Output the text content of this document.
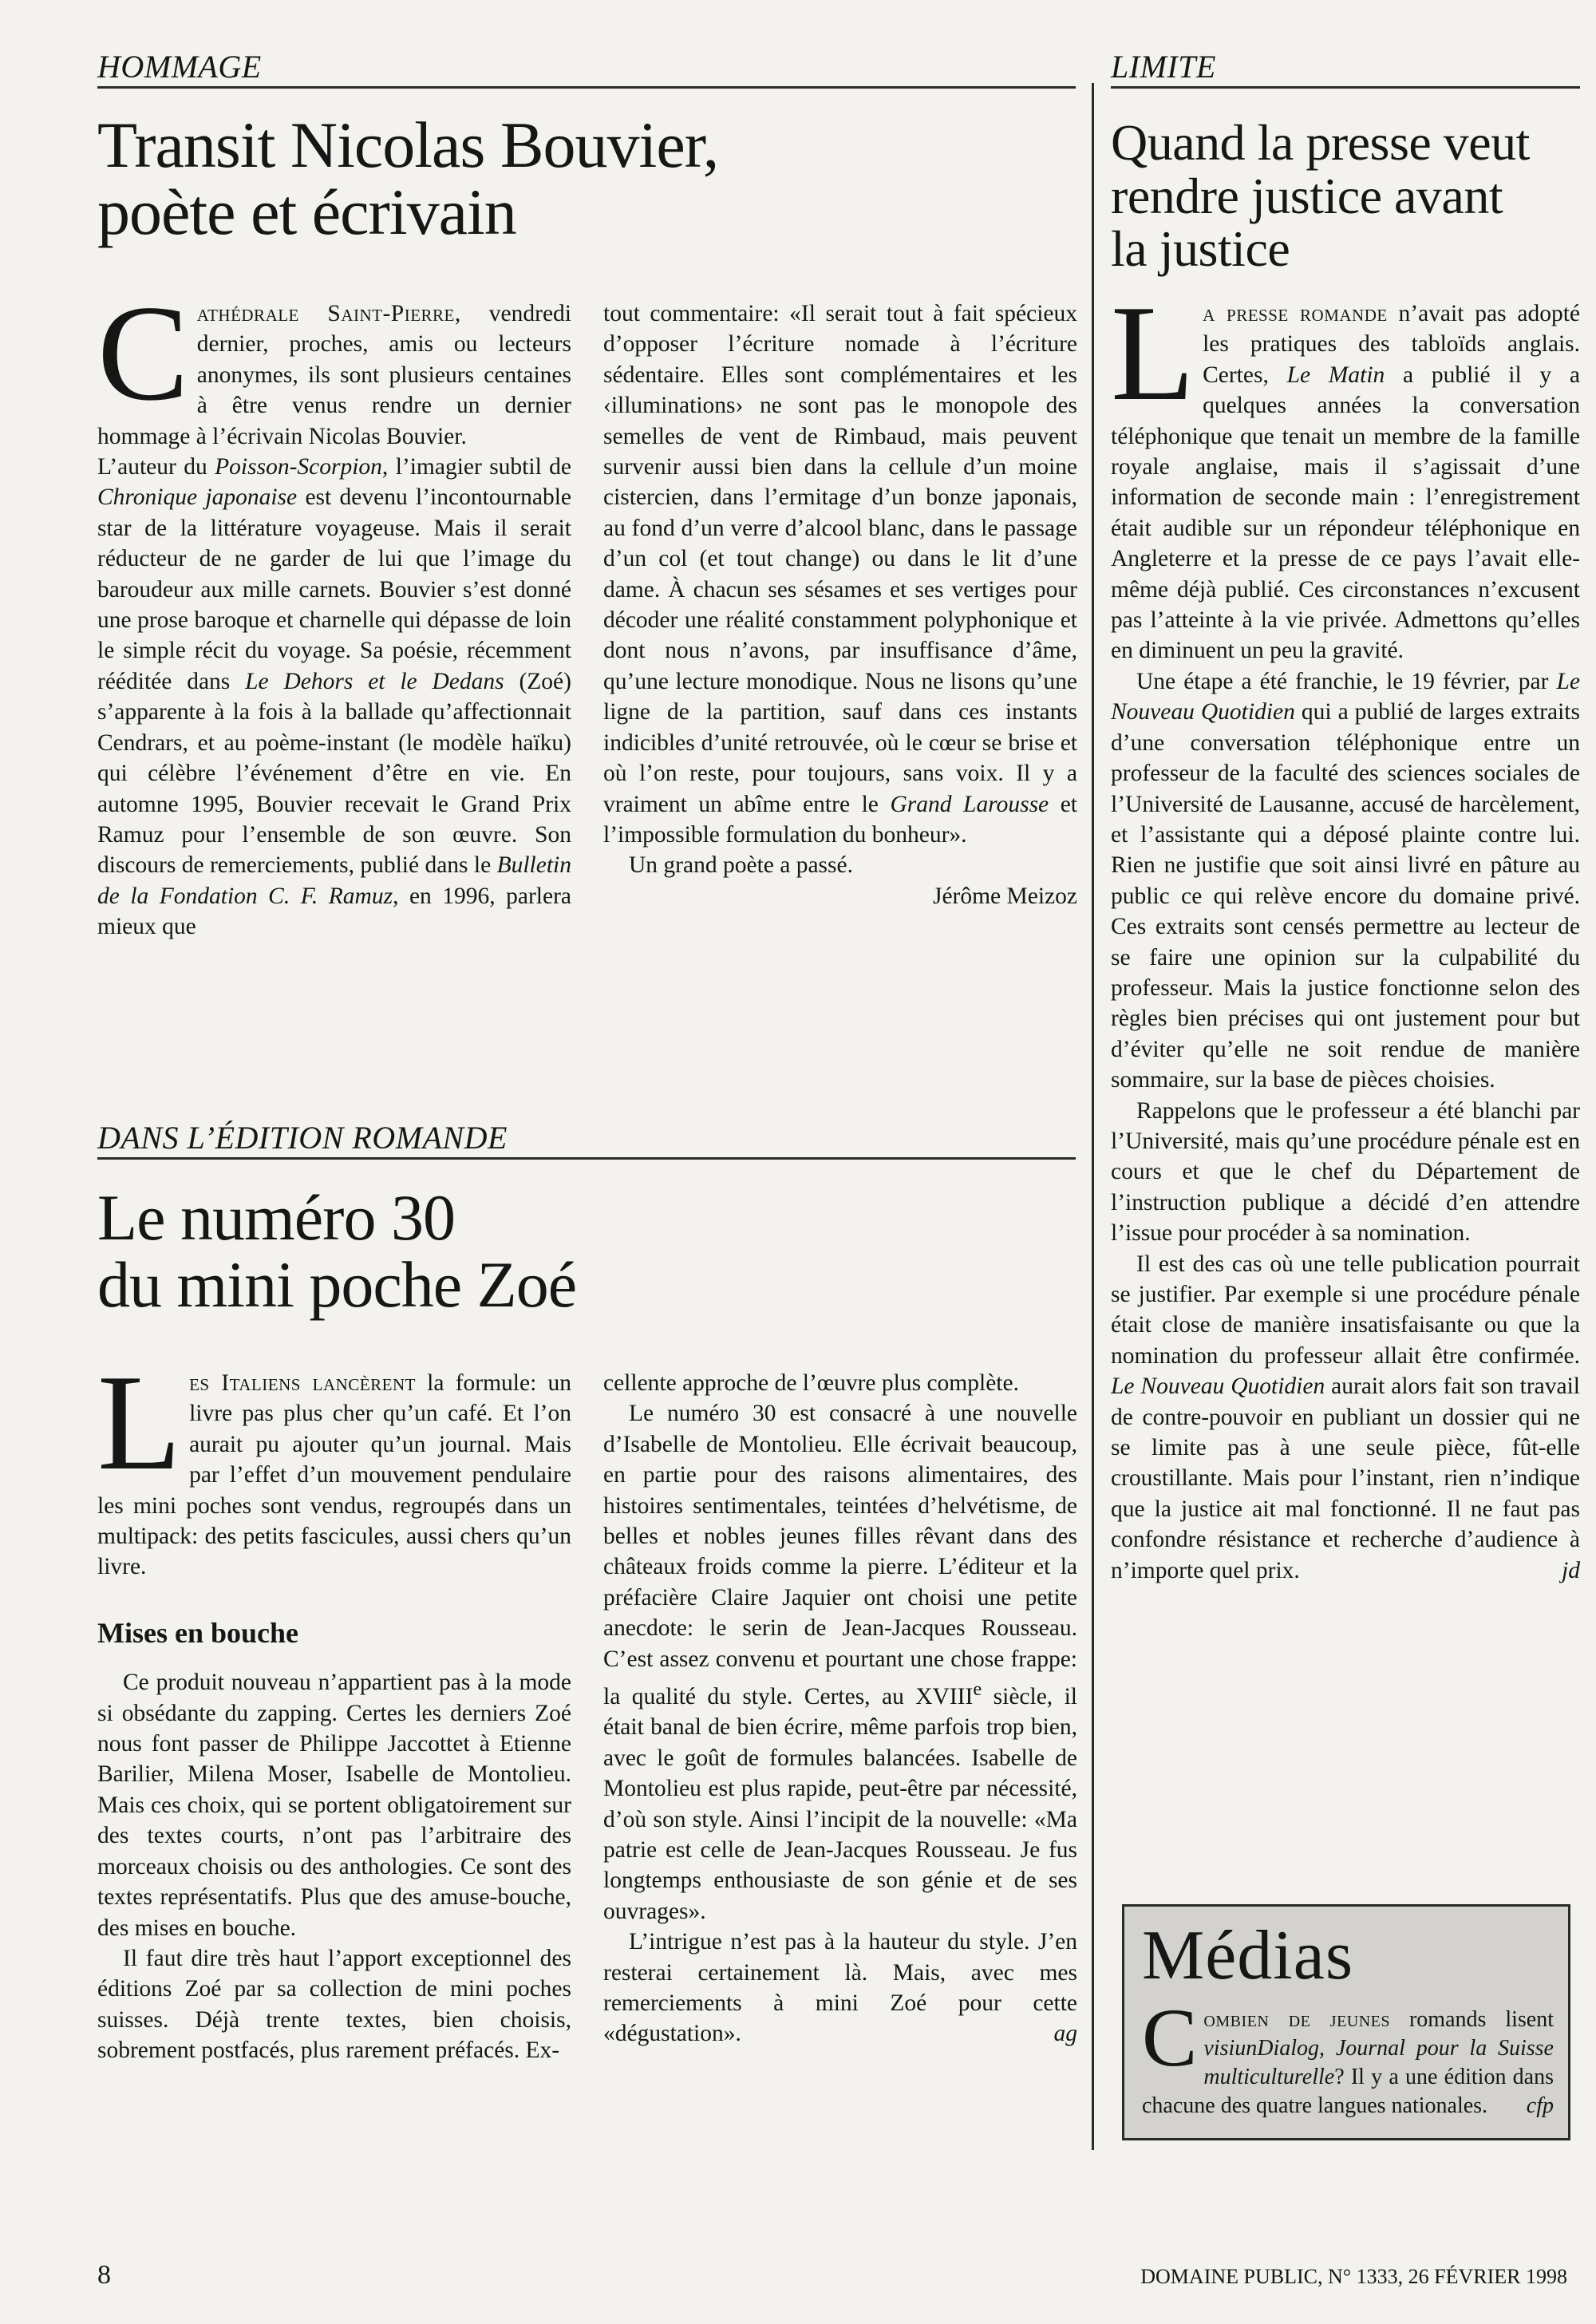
HOMMAGE
Transit Nicolas Bouvier,
poète et écrivain

Cathédrale Saint-Pierre, vendredi dernier, proches, amis ou lecteurs anonymes, ils sont plusieurs centaines à être venus rendre un dernier hommage à l’écrivain Nicolas Bouvier.

L’auteur du Poisson-Scorpion, l’imagier subtil de Chronique japonaise est devenu l’incontournable star de la littérature voyageuse. Mais il serait réducteur de ne garder de lui que l’image du baroudeur aux mille carnets. Bouvier s’est donné une prose baroque et charnelle qui dépasse de loin le simple récit du voyage. Sa poésie, récemment rééditée dans Le Dehors et le Dedans (Zoé) s’apparente à la fois à la ballade qu’affectionnait Cendrars, et au poème-instant (le modèle haïku) qui célèbre l’événement d’être en vie. En automne 1995, Bouvier recevait le Grand Prix Ramuz pour l’ensemble de son œuvre. Son discours de remerciements, publié dans le Bulletin de la Fondation C. F. Ramuz, en 1996, parlera mieux que

tout commentaire: «Il serait tout à fait spécieux d’opposer l’écriture nomade à l’écriture sédentaire. Elles sont complémentaires et les ‹illuminations› ne sont pas le monopole des semelles de vent de Rimbaud, mais peuvent survenir aussi bien dans la cellule d’un moine cistercien, dans l’ermitage d’un bonze japonais, au fond d’un verre d’alcool blanc, dans le passage d’un col (et tout change) ou dans le lit d’une dame. À chacun ses sésames et ses vertiges pour décoder une réalité constamment polyphonique et dont nous n’avons, par insuffisance d’âme, qu’une lecture monodique. Nous ne lisons qu’une ligne de la partition, sauf dans ces instants indicibles d’unité retrouvée, où le cœur se brise et où l’on reste, pour toujours, sans voix. Il y a vraiment un abîme entre le Grand Larousse et l’impossible formulation du bonheur».

Un grand poète a passé.

Jérôme Meizoz
DANS L’ÉDITION ROMANDE
Le numéro 30
du mini poche Zoé

Les Italiens lancèrent la formule: un livre pas plus cher qu’un café. Et l’on aurait pu ajouter qu’un journal. Mais par l’effet d’un mouvement pendulaire les mini poches sont vendus, regroupés dans un multipack: des petits fascicules, aussi chers qu’un livre.

Mises en bouche

Ce produit nouveau n’appartient pas à la mode si obsédante du zapping. Certes les derniers Zoé nous font passer de Philippe Jaccottet à Etienne Barilier, Milena Moser, Isabelle de Montolieu. Mais ces choix, qui se portent obligatoirement sur des textes courts, n’ont pas l’arbitraire des morceaux choisis ou des anthologies. Ce sont des textes représentatifs. Plus que des amuse-bouche, des mises en bouche.

Il faut dire très haut l’apport exceptionnel des éditions Zoé par sa collection de mini poches suisses. Déjà trente textes, bien choisis, sobrement postfacés, plus rarement préfacés. Ex-

cellente approche de l’œuvre plus complète.

Le numéro 30 est consacré à une nouvelle d’Isabelle de Montolieu. Elle écrivait beaucoup, en partie pour des raisons alimentaires, des histoires sentimentales, teintées d’helvétisme, de belles et nobles jeunes filles rêvant dans des châteaux froids comme la pierre. L’éditeur et la préfacière Claire Jaquier ont choisi une petite anecdote: le serin de Jean-Jacques Rousseau. C’est assez convenu et pourtant une chose frappe: la qualité du style. Certes, au XVIIIe siècle, il était banal de bien écrire, même parfois trop bien, avec le goût de formules balancées. Isabelle de Montolieu est plus rapide, peut-être par nécessité, d’où son style. Ainsi l’incipit de la nouvelle: «Ma patrie est celle de Jean-Jacques Rousseau. Je fus longtemps enthousiaste de son génie et de ses ouvrages».

L’intrigue n’est pas à la hauteur du style. J’en resterai certainement là. Mais, avec mes remerciements à mini Zoé pour cette «dégustation».	ag

LIMITE
Quand la presse veut
rendre justice avant
la justice

La presse romande n’avait pas adopté les pratiques des tabloïds anglais. Certes, Le Matin a publié il y a quelques années la conversation téléphonique que tenait un membre de la famille royale anglaise, mais il s’agissait d’une information de seconde main : l’enregistrement était audible sur un répondeur téléphonique en Angleterre et la presse de ce pays l’avait elle-même déjà publié. Ces circonstances n’excusent pas l’atteinte à la vie privée. Admettons qu’elles en diminuent un peu la gravité.

Une étape a été franchie, le 19 février, par Le Nouveau Quotidien qui a publié de larges extraits d’une conversation téléphonique entre un professeur de la faculté des sciences sociales de l’Université de Lausanne, accusé de harcèlement, et l’assistante qui a déposé plainte contre lui. Rien ne justifie que soit ainsi livré en pâture au public ce qui relève encore du domaine privé. Ces extraits sont censés permettre au lecteur de se faire une opinion sur la culpabilité du professeur. Mais la justice fonctionne selon des règles bien précises qui ont justement pour but d’éviter qu’elle ne soit rendue de manière sommaire, sur la base de pièces choisies.

Rappelons que le professeur a été blanchi par l’Université, mais qu’une procédure pénale est en cours et que le chef du Département de l’instruction publique a décidé d’en attendre l’issue pour procéder à sa nomination.

Il est des cas où une telle publication pourrait se justifier. Par exemple si une procédure pénale était close de manière insatisfaisante ou que la nomination du professeur allait être confirmée. Le Nouveau Quotidien aurait alors fait son travail de contre-pouvoir en publiant un dossier qui ne se limite pas à une seule pièce, fût-elle croustillante. Mais pour l’instant, rien n’indique que la justice ait mal fonctionné. Il ne faut pas confondre résistance et recherche d’audience à n’importe quel prix.	jd

Médias

Combien de jeunes romands lisent visiunDialog, Journal pour la Suisse multiculturelle? Il y a une édition dans chacune des quatre langues nationales. cfp

8	DOMAINE PUBLIC, N° 1333, 26 FÉVRIER 1998
